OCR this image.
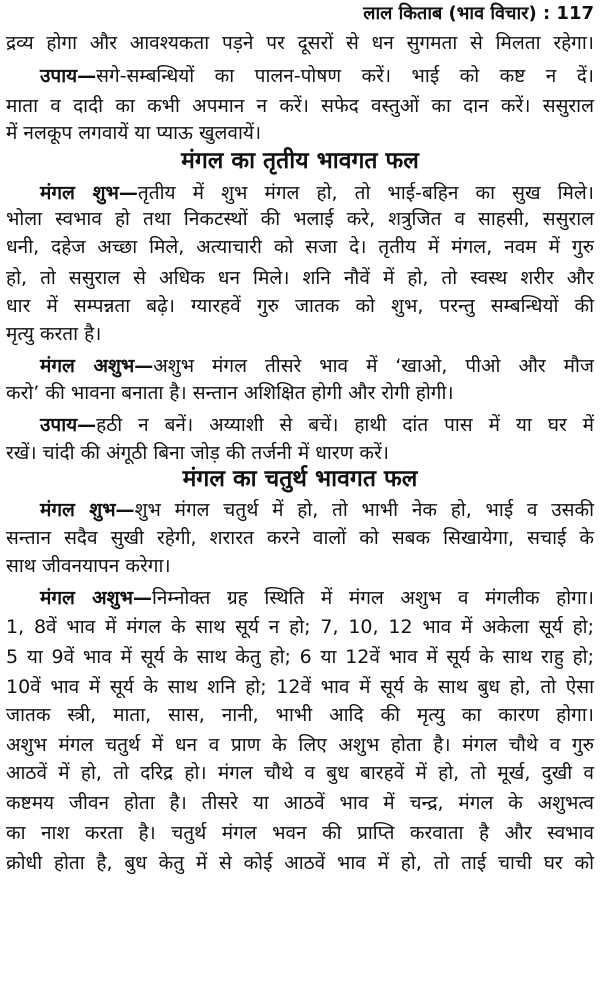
लाल किताब (भाव विचार) : 117
द्रव्य होगा और आवश्यकता पड़ने पर दूसरों से धन सुगमता से मिलता रहेगा।
उपाय—सगे-सम्बन्धियों का पालन-पोषण करें। भाई को कष्ट न दें।
माता व दादी का कभी अपमान न करें। सफेद वस्तुओं का दान करें। ससुराल
में नलकूप लगवायें या प्याऊ खुलवायें।
मंगल का तृतीय भावगत फल
मंगल शुभ—तृतीय में शुभ मंगल हो, तो भाई-बहिन का सुख मिले।
भोला स्वभाव हो तथा निकटस्थों की भलाई करे, शत्रुजित व साहसी, ससुराल
धनी, दहेज अच्छा मिले, अत्याचारी को सजा दे। तृतीय में मंगल, नवम में गुरु
हो, तो ससुराल से अधिक धन मिले। शनि नौवें में हो, तो स्वस्थ शरीर और
धार में सम्पन्नता बढ़े। ग्यारहवें गुरु जातक को शुभ, परन्तु सम्बन्धियों की
मृत्यु करता है।
मंगल अशुभ—अशुभ मंगल तीसरे भाव में ‘खाओ, पीओ और मौज
करो’ की भावना बनाता है। सन्तान अशिक्षित होगी और रोगी होगी।
उपाय—हठी न बनें। अय्याशी से बचें। हाथी दांत पास में या घर में
रखें। चांदी की अंगूठी बिना जोड़ की तर्जनी में धारण करें।
मंगल का चतुर्थ भावगत फल
मंगल शुभ—शुभ मंगल चतुर्थ में हो, तो भाभी नेक हो, भाई व उसकी
सन्तान सदैव सुखी रहेगी, शरारत करने वालों को सबक सिखायेगा, सचाई के
साथ जीवनयापन करेगा।
मंगल अशुभ—निम्नोक्त ग्रह स्थिति में मंगल अशुभ व मंगलीक होगा।
1, 8वें भाव में मंगल के साथ सूर्य न हो; 7, 10, 12 भाव में अकेला सूर्य हो;
5 या 9वें भाव में सूर्य के साथ केतु हो; 6 या 12वें भाव में सूर्य के साथ राहु हो;
10वें भाव में सूर्य के साथ शनि हो; 12वें भाव में सूर्य के साथ बुध हो, तो ऐसा
जातक स्त्री, माता, सास, नानी, भाभी आदि की मृत्यु का कारण होगा।
अशुभ मंगल चतुर्थ में धन व प्राण के लिए अशुभ होता है। मंगल चौथे व गुरु
आठवें में हो, तो दरिद्र हो। मंगल चौथे व बुध बारहवें में हो, तो मूर्ख, दुखी व
कष्टमय जीवन होता है। तीसरे या आठवें भाव में चन्द्र, मंगल के अशुभत्व
का नाश करता है। चतुर्थ मंगल भवन की प्राप्ति करवाता है और स्वभाव
क्रोधी होता है, बुध केतु में से कोई आठवें भाव में हो, तो ताई चाची घर को
